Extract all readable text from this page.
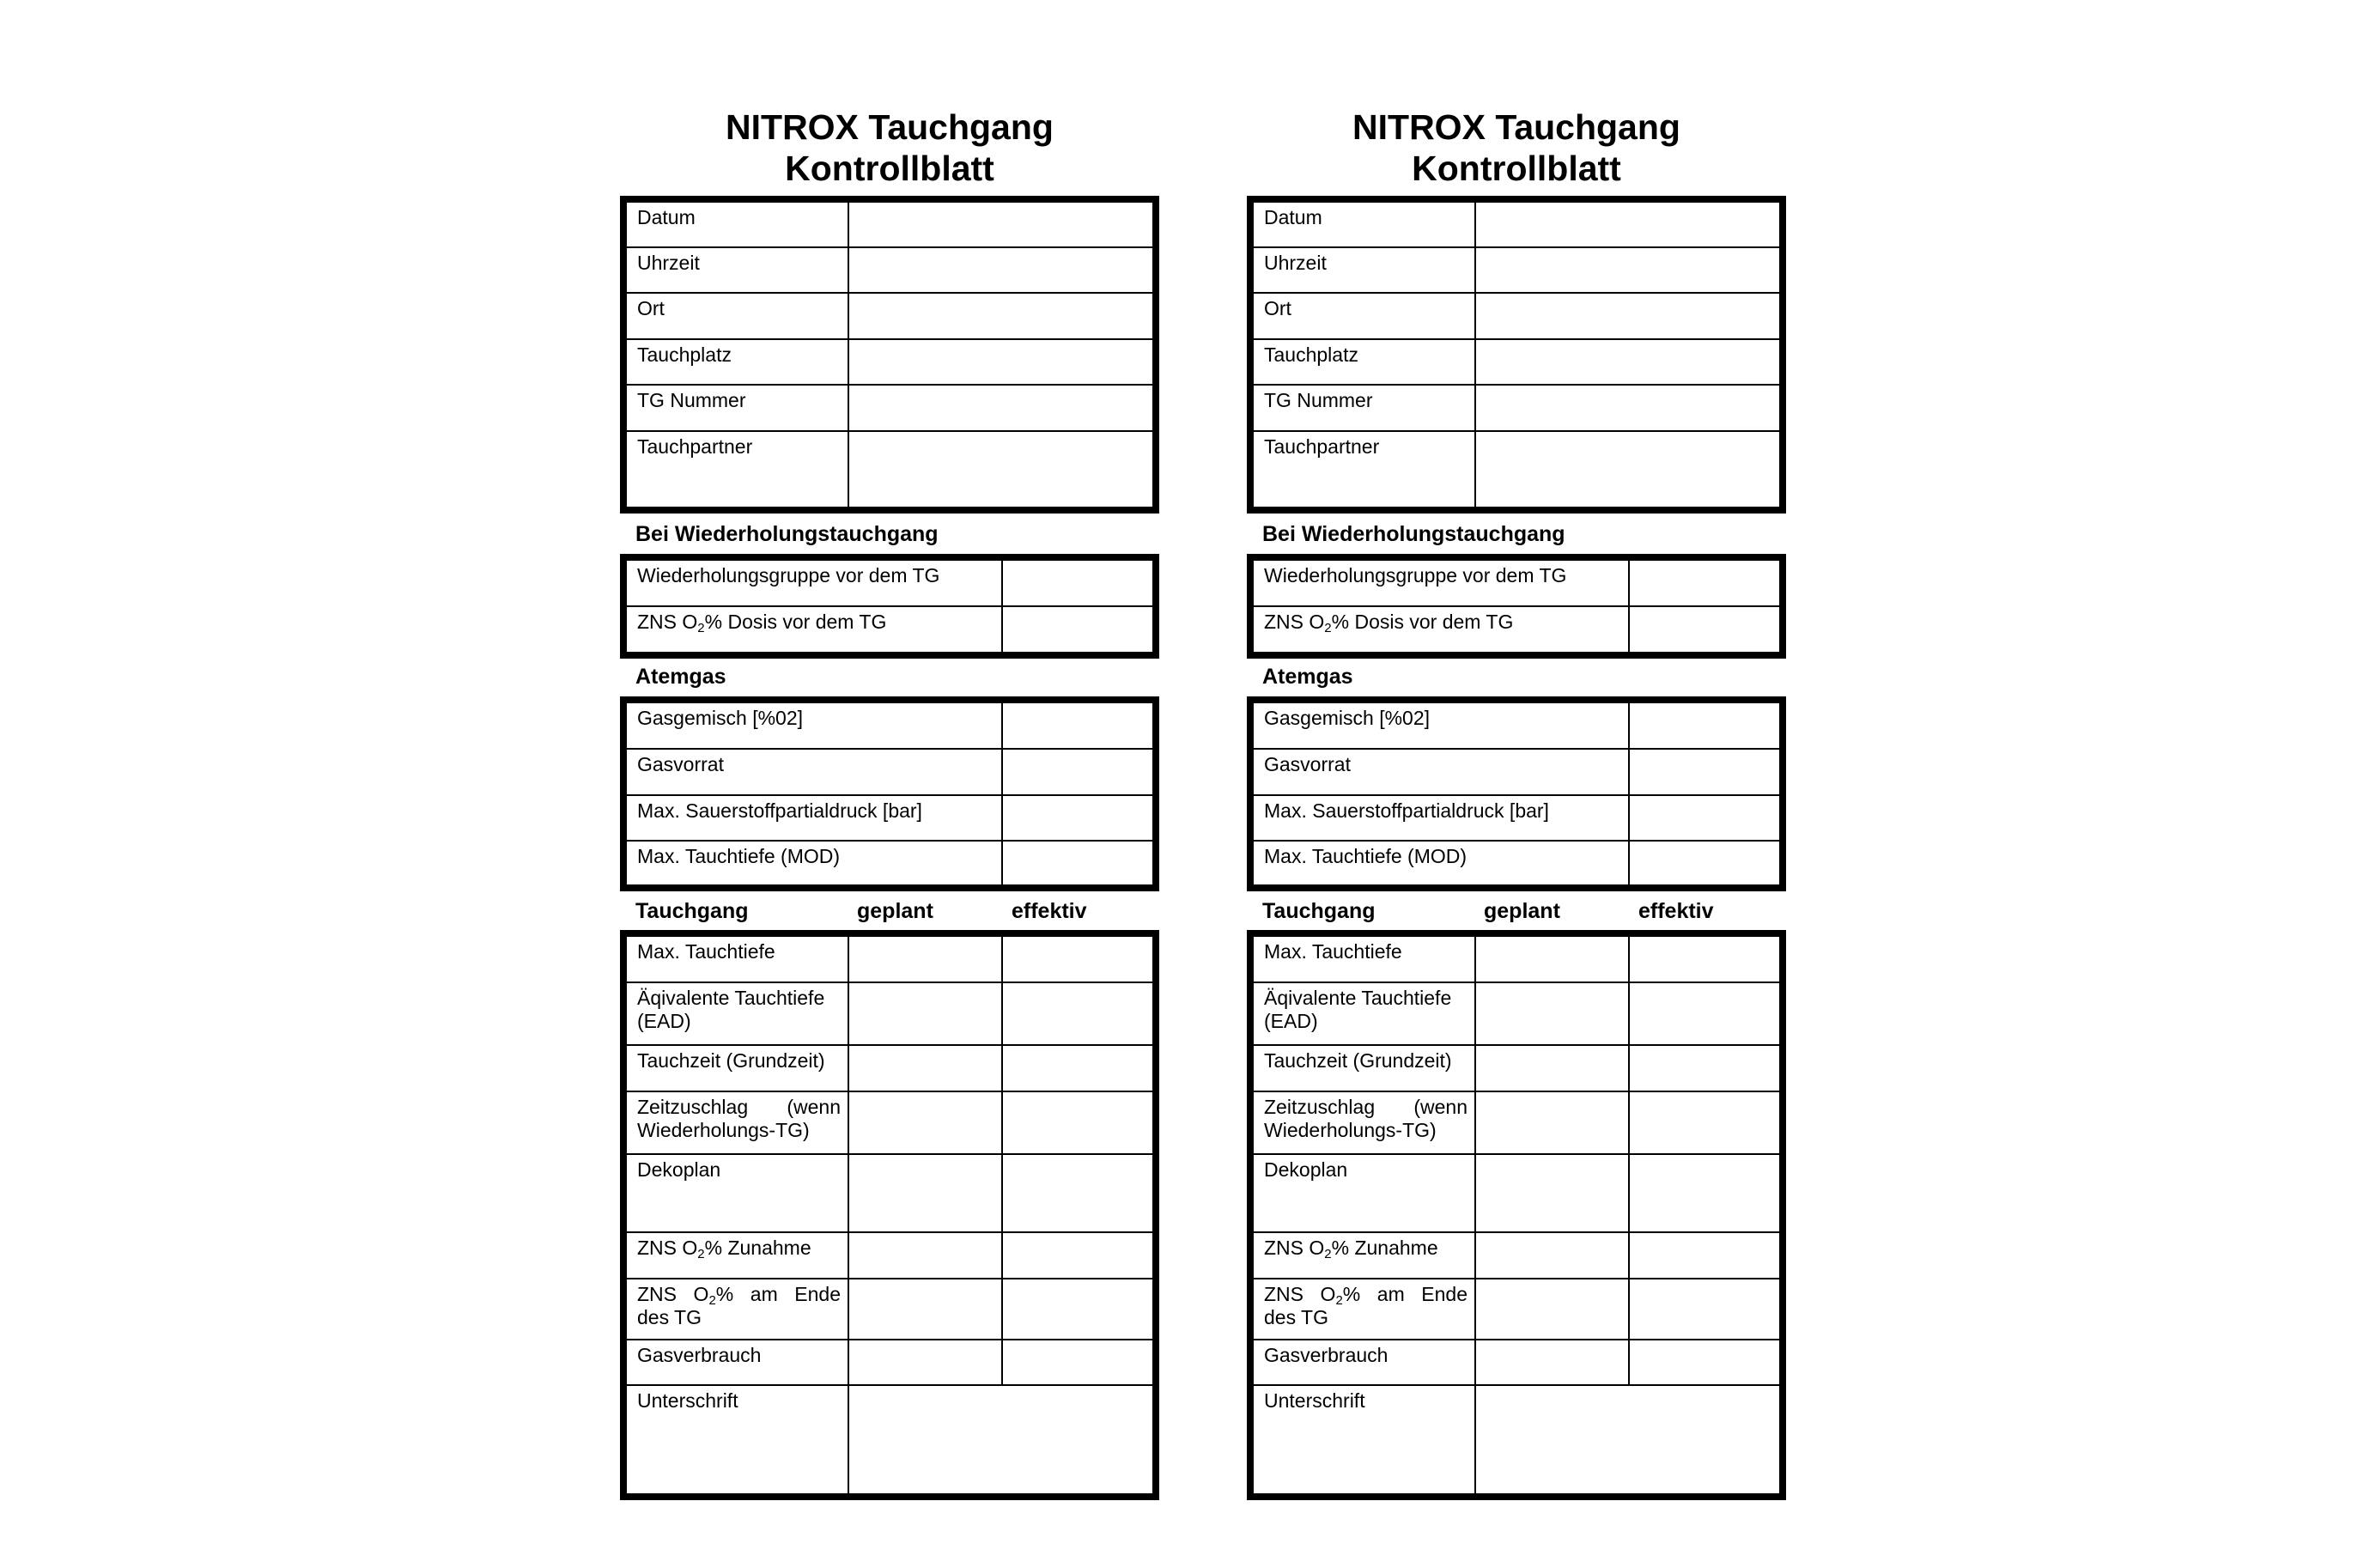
NITROX Tauchgang
Kontrollblatt
Datum	
Uhrzeit	
Ort	
Tauchplatz	
TG Nummer	
Tauchpartner	
Bei Wiederholungstauchgang
Wiederholungsgruppe vor dem TG	
ZNS $O_2\%$ Dosis vor dem TG	
Atemgas
Gasgemisch [%02]	
Gasvorrat	
Max. Sauerstoffpartialdruck [bar]	
Max. Tauchtiefe (MOD)	
Tauchgang	geplant	effektiv
Max. Tauchtiefe		
Äqivalente Tauchtiefe
(EAD)		
Tauchzeit (Grundzeit)		

Zeitzuschlag (wenn
Wiederholungs-TG)		
Dekoplan		
ZNS $O_2\%$ Zunahme		

ZNS $O_2\%$ am Ende
des TG		
Gasverbrauch		
Unterschrift		
NITROX Tauchgang
Kontrollblatt
Datum	
Uhrzeit	
Ort	
Tauchplatz	
TG Nummer	
Tauchpartner	
Bei Wiederholungstauchgang
Wiederholungsgruppe vor dem TG	
ZNS $O_2\%$ Dosis vor dem TG	
Atemgas
Gasgemisch [%02]	
Gasvorrat	
Max. Sauerstoffpartialdruck [bar]	
Max. Tauchtiefe (MOD)	
Tauchgang	geplant	effektiv
Max. Tauchtiefe		
Äqivalente Tauchtiefe
(EAD)		
Tauchzeit (Grundzeit)		

Zeitzuschlag (wenn
Wiederholungs-TG)		
Dekoplan		
ZNS $O_2\%$ Zunahme		

ZNS $O_2\%$ am Ende
des TG		
Gasverbrauch		
Unterschrift		
